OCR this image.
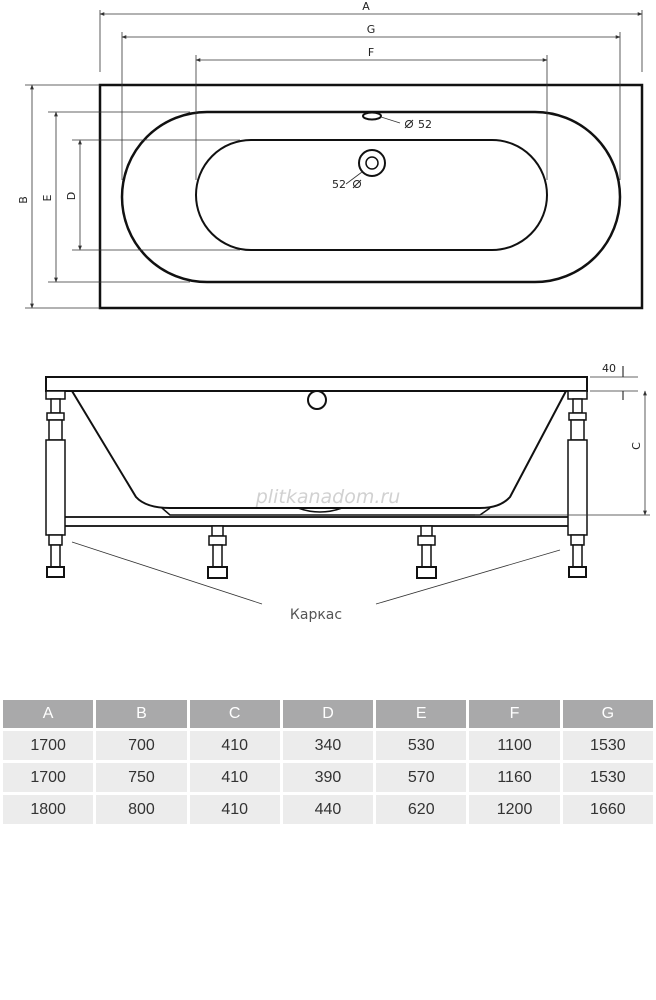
52
52
A
G
F
B E D
40
C
Каркас
plitkanadom.ru
A	B	C	D	E	F	G
1700	700	410	340	530	1100	1530
1700	750	410	390	570	1160	1530
1800	800	410	440	620	1200	1660
